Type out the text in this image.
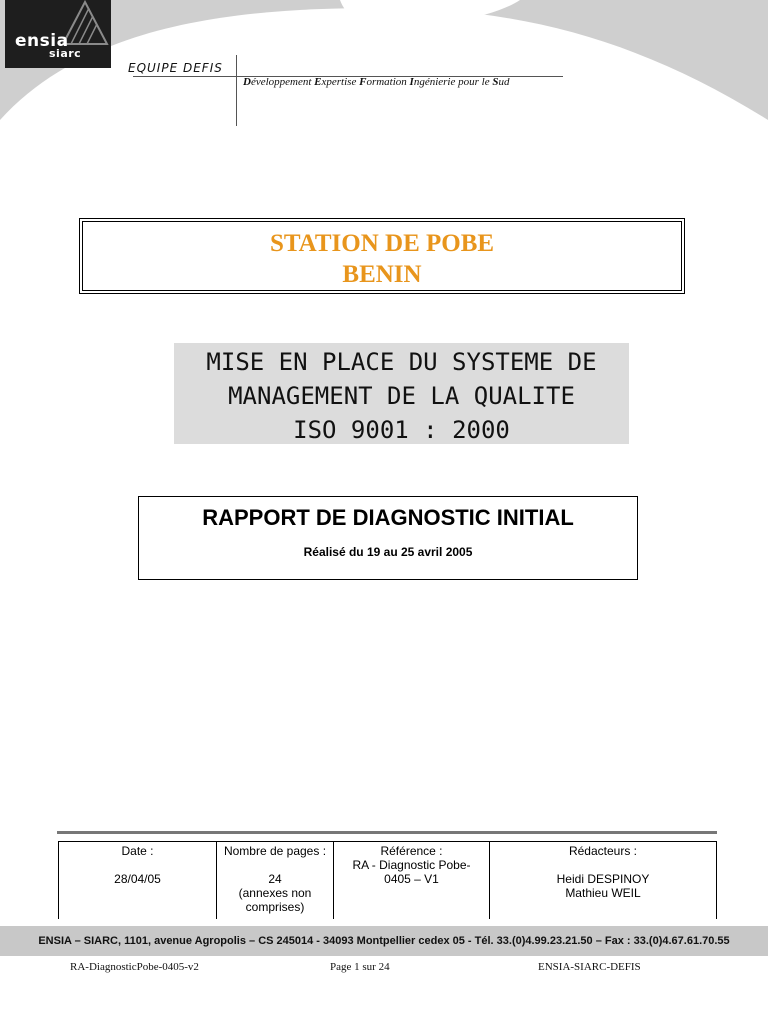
ensia
siarc
EQUIPE DEFIS
Développement Expertise Formation Ingénierie pour le Sud
STATION DE POBE
BENIN
MISE EN PLACE DU SYSTEME DE
MANAGEMENT DE LA QUALITE
ISO 9001 : 2000
RAPPORT DE DIAGNOSTIC INITIAL
Réalisé du 19 au 25 avril 2005
Date :
28/04/05
Nombre de pages :
24
(annexes non
comprises)
Référence :
RA - Diagnostic Pobe-
0405 – V1
Rédacteurs :
Heidi DESPINOY
Mathieu WEIL
ENSIA – SIARC, 1101, avenue Agropolis – CS 245014 - 34093 Montpellier cedex 05 - Tél. 33.(0)4.99.23.21.50 – Fax : 33.(0)4.67.61.70.55
RA-DiagnosticPobe-0405-v2	Page 1 sur 24	ENSIA-SIARC-DEFIS
